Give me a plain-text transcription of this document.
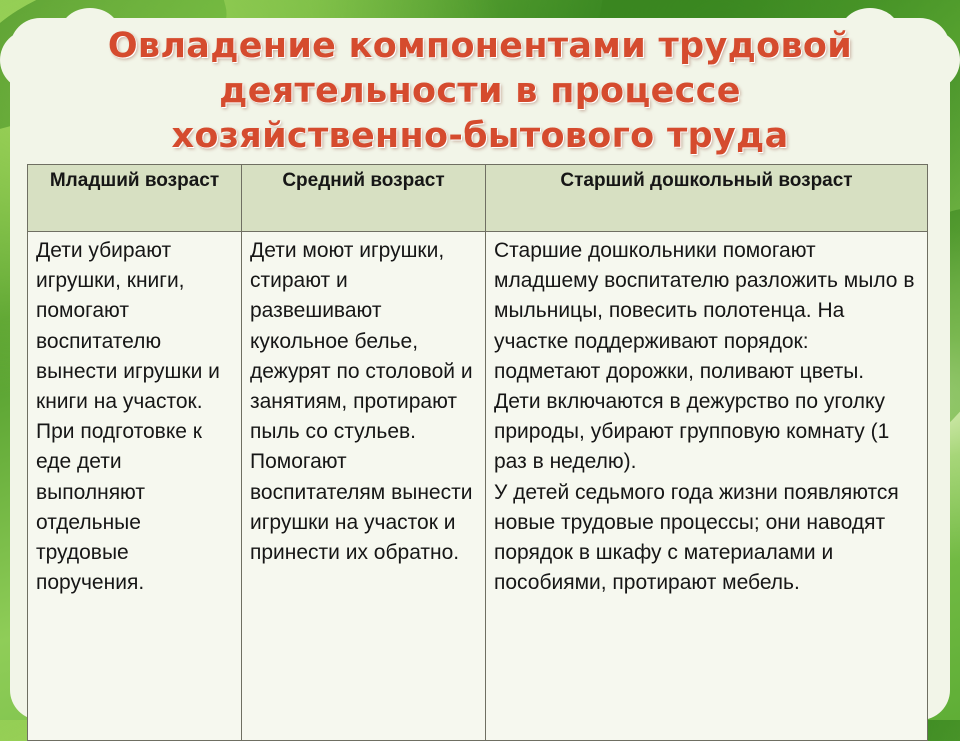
Овладение компонентами трудовой
деятельности в процессе
хозяйственно-бытового труда
Младший возраст	Средний возраст	Старший дошкольный возраст
Дети убирают игрушки, книги, помогают воспитателю вынести игрушки и книги на участок. При подготовке к еде дети выполняют отдельные трудовые поручения.	Дети моют игрушки, стирают и развешивают кукольное белье, дежурят по столовой и занятиям, протирают пыль со стульев. Помогают воспитателям вынести игрушки на участок и принести их обратно.	Старшие дошкольники помогают младшему воспитателю разложить мыло в мыльницы, повесить полотенца. На участке поддерживают порядок: подметают дорожки, поливают цветы.

Дети включаются в дежурство по уголку природы, убирают групповую комнату (1 раз в неделю).

У детей седьмого года жизни появляются новые трудовые процессы; они наводят порядок в шкафу с материалами и пособиями, протирают мебель.
